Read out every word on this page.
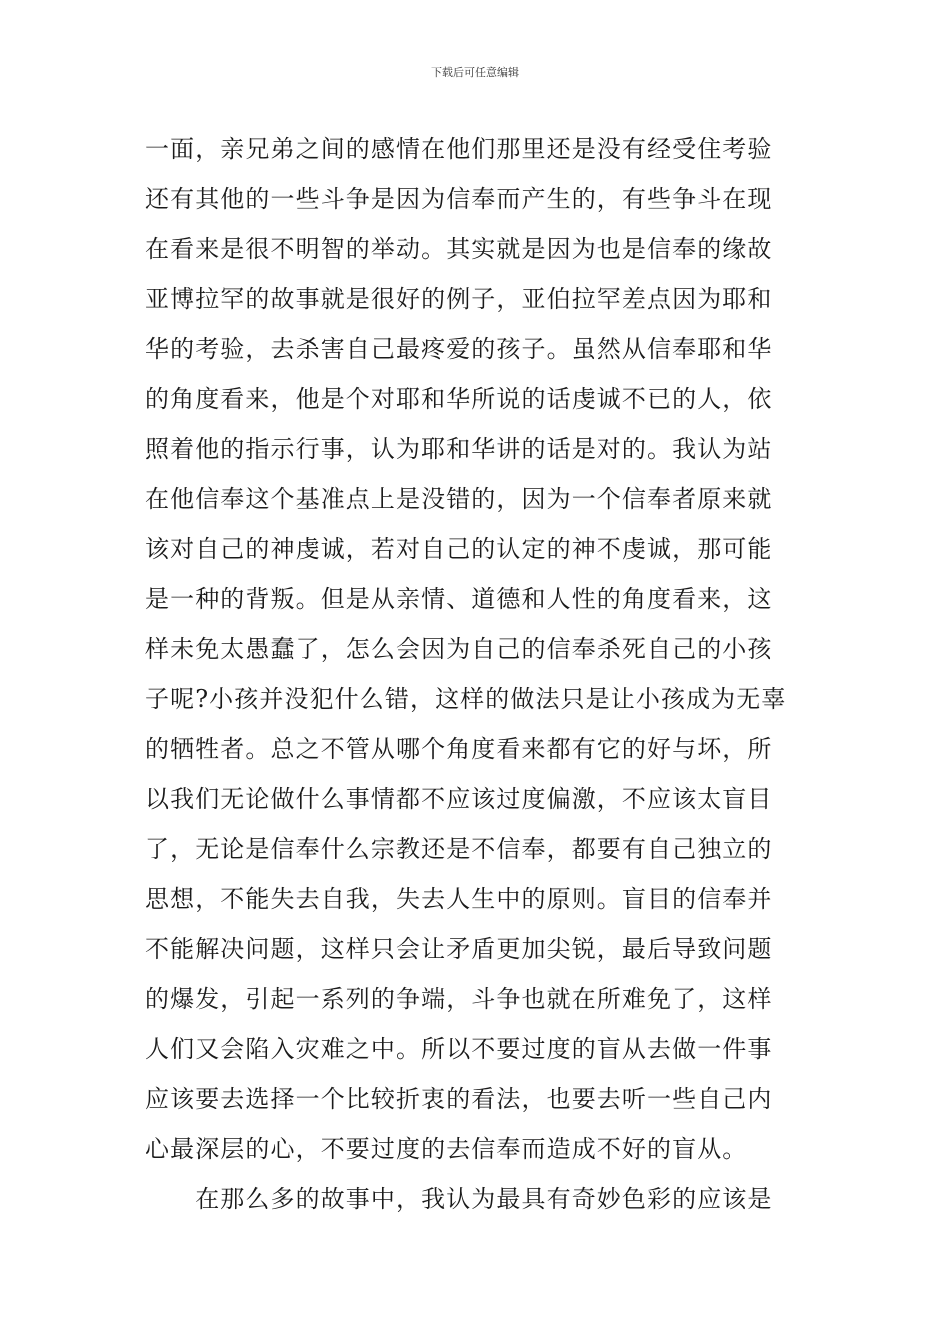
下载后可任意编辑
一面，亲兄弟之间的感情在他们那里还是没有经受住考验
还有其他的一些斗争是因为信奉而产生的，有些争斗在现
在看来是很不明智的举动。其实就是因为也是信奉的缘故
亚博拉罕的故事就是很好的例子，亚伯拉罕差点因为耶和
华的考验，去杀害自己最疼爱的孩子。虽然从信奉耶和华
的角度看来，他是个对耶和华所说的话虔诚不已的人，依
照着他的指示行事，认为耶和华讲的话是对的。我认为站
在他信奉这个基准点上是没错的，因为一个信奉者原来就
该对自己的神虔诚，若对自己的认定的神不虔诚，那可能
是一种的背叛。但是从亲情、道德和人性的角度看来，这
样未免太愚蠢了，怎么会因为自己的信奉杀死自己的小孩
子呢?小孩并没犯什么错，这样的做法只是让小孩成为无辜
的牺牲者。总之不管从哪个角度看来都有它的好与坏，所
以我们无论做什么事情都不应该过度偏激，不应该太盲目
了，无论是信奉什么宗教还是不信奉，都要有自己独立的
思想，不能失去自我，失去人生中的原则。盲目的信奉并
不能解决问题，这样只会让矛盾更加尖锐，最后导致问题
的爆发，引起一系列的争端，斗争也就在所难免了，这样
人们又会陷入灾难之中。所以不要过度的盲从去做一件事
应该要去选择一个比较折衷的看法，也要去听一些自己内
心最深层的心，不要过度的去信奉而造成不好的盲从。
　　在那么多的故事中，我认为最具有奇妙色彩的应该是
